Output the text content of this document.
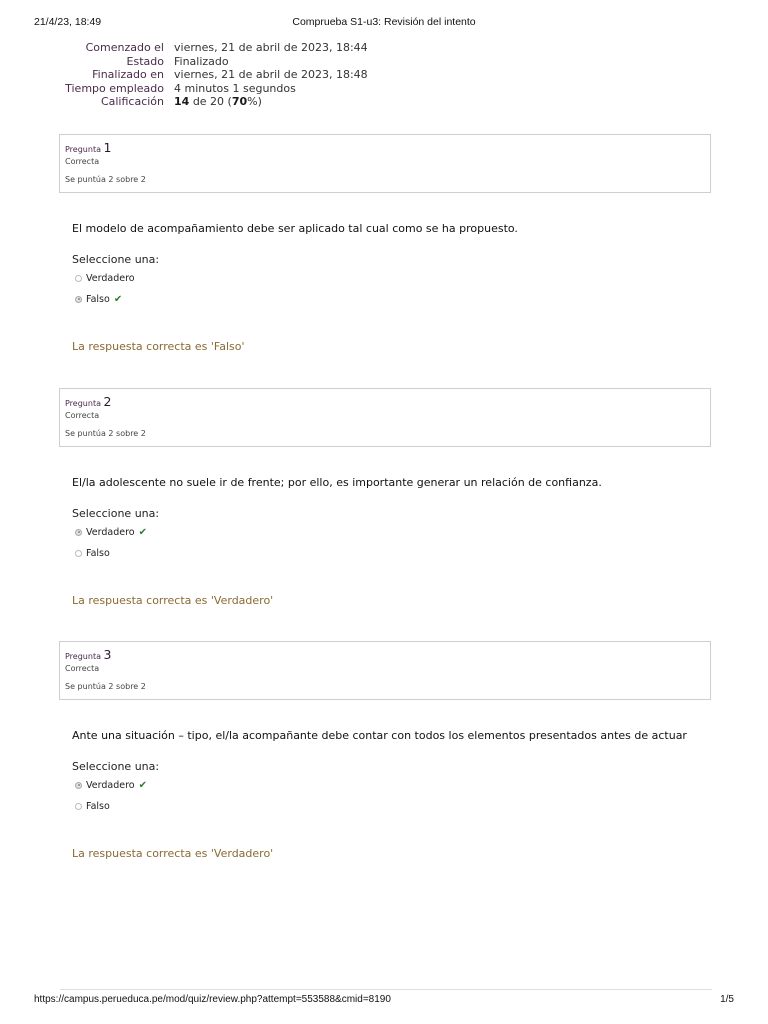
21/4/23, 18:49	Comprueba S1-u3: Revisión del intento
Comenzado el	viernes, 21 de abril de 2023, 18:44
Estado	Finalizado
Finalizado en	viernes, 21 de abril de 2023, 18:48
Tiempo empleado	4 minutos 1 segundos
Calificación	14 de 20 (70%)
Pregunta 1
Correcta
Se puntúa 2 sobre 2
El modelo de acompañamiento debe ser aplicado tal cual como se ha propuesto.
Seleccione una:
Verdadero
Falso ✔
La respuesta correcta es 'Falso'
Pregunta 2
Correcta
Se puntúa 2 sobre 2
El/la adolescente no suele ir de frente; por ello, es importante generar un relación de confianza.
Seleccione una:
Verdadero ✔
Falso
La respuesta correcta es 'Verdadero'
Pregunta 3
Correcta
Se puntúa 2 sobre 2
Ante una situación – tipo, el/la acompañante debe contar con todos los elementos presentados antes de actuar
Seleccione una:
Verdadero ✔
Falso
La respuesta correcta es 'Verdadero'
https://campus.perueduca.pe/mod/quiz/review.php?attempt=553588&cmid=8190	1/5
